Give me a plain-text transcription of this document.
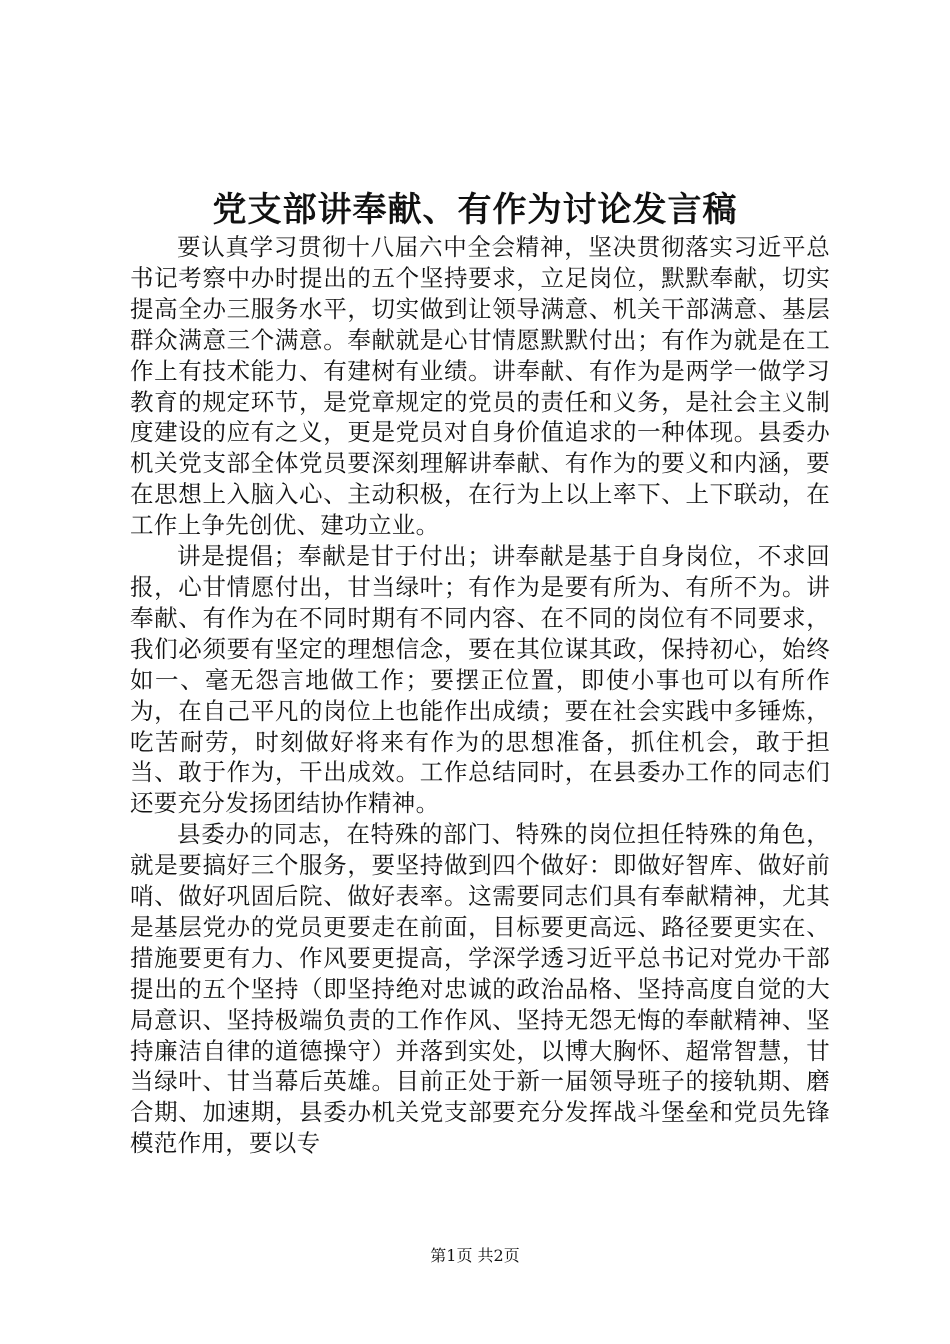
党支部讲奉献、有作为讨论发言稿

要认真学习贯彻十八届六中全会精神，坚决贯彻落实习近平总书记考察中办时提出的五个坚持要求，立足岗位，默默奉献，切实提高全办三服务水平，切实做到让领导满意、机关干部满意、基层群众满意三个满意。奉献就是心甘情愿默默付出；有作为就是在工作上有技术能力、有建树有业绩。讲奉献、有作为是两学一做学习教育的规定环节，是党章规定的党员的责任和义务，是社会主义制度建设的应有之义，更是党员对自身价值追求的一种体现。县委办机关党支部全体党员要深刻理解讲奉献、有作为的要义和内涵，要在思想上入脑入心、主动积极，在行为上以上率下、上下联动，在工作上争先创优、建功立业。

讲是提倡；奉献是甘于付出；讲奉献是基于自身岗位，不求回报，心甘情愿付出，甘当绿叶；有作为是要有所为、有所不为。讲奉献、有作为在不同时期有不同内容、在不同的岗位有不同要求，我们必须要有坚定的理想信念，要在其位谋其政，保持初心，始终如一、毫无怨言地做工作；要摆正位置，即使小事也可以有所作为，在自己平凡的岗位上也能作出成绩；要在社会实践中多锤炼，吃苦耐劳，时刻做好将来有作为的思想准备，抓住机会，敢于担当、敢于作为，干出成效。工作总结同时，在县委办工作的同志们还要充分发扬团结协作精神。

县委办的同志，在特殊的部门、特殊的岗位担任特殊的角色，就是要搞好三个服务，要坚持做到四个做好：即做好智库、做好前哨、做好巩固后院、做好表率。这需要同志们具有奉献精神，尤其是基层党办的党员更要走在前面，目标要更高远、路径要更实在、措施要更有力、作风要更提高，学深学透习近平总书记对党办干部提出的五个坚持（即坚持绝对忠诚的政治品格、坚持高度自觉的大局意识、坚持极端负责的工作作风、坚持无怨无悔的奉献精神、坚持廉洁自律的道德操守）并落到实处，以博大胸怀、超常智慧，甘当绿叶、甘当幕后英雄。目前正处于新一届领导班子的接轨期、磨合期、加速期，县委办机关党支部要充分发挥战斗堡垒和党员先锋模范作用，要以专

第1页 共2页
